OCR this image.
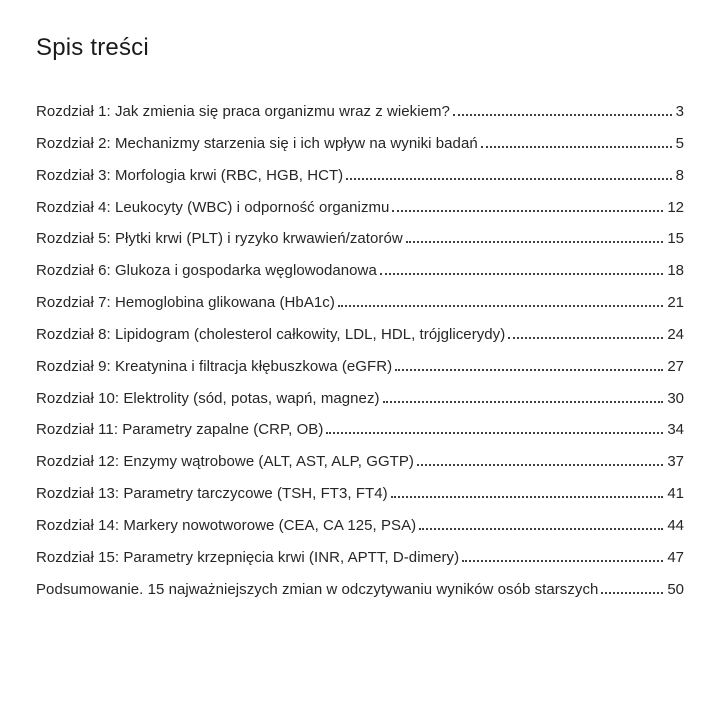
Spis treści
Rozdział 1: Jak zmienia się praca organizmu wraz z wiekiem?	3
Rozdział 2: Mechanizmy starzenia się i ich wpływ na wyniki badań	5
Rozdział 3: Morfologia krwi (RBC, HGB, HCT)	8
Rozdział 4: Leukocyty (WBC) i odporność organizmu	12
Rozdział 5: Płytki krwi (PLT) i ryzyko krwawień/zatorów	15
Rozdział 6: Glukoza i gospodarka węglowodanowa	18
Rozdział 7: Hemoglobina glikowana (HbA1c)	21
Rozdział 8: Lipidogram (cholesterol całkowity, LDL, HDL, trójglicerydy)	24
Rozdział 9: Kreatynina i filtracja kłębuszkowa (eGFR)	27
Rozdział 10: Elektrolity (sód, potas, wapń, magnez)	30
Rozdział 11: Parametry zapalne (CRP, OB)	34
Rozdział 12: Enzymy wątrobowe (ALT, AST, ALP, GGTP)	37
Rozdział 13: Parametry tarczycowe (TSH, FT3, FT4)	41
Rozdział 14: Markery nowotworowe (CEA, CA 125, PSA)	44
Rozdział 15: Parametry krzepnięcia krwi (INR, APTT, D-dimery)	47
Podsumowanie. 15 najważniejszych zmian w odczytywaniu wyników osób starszych	50
